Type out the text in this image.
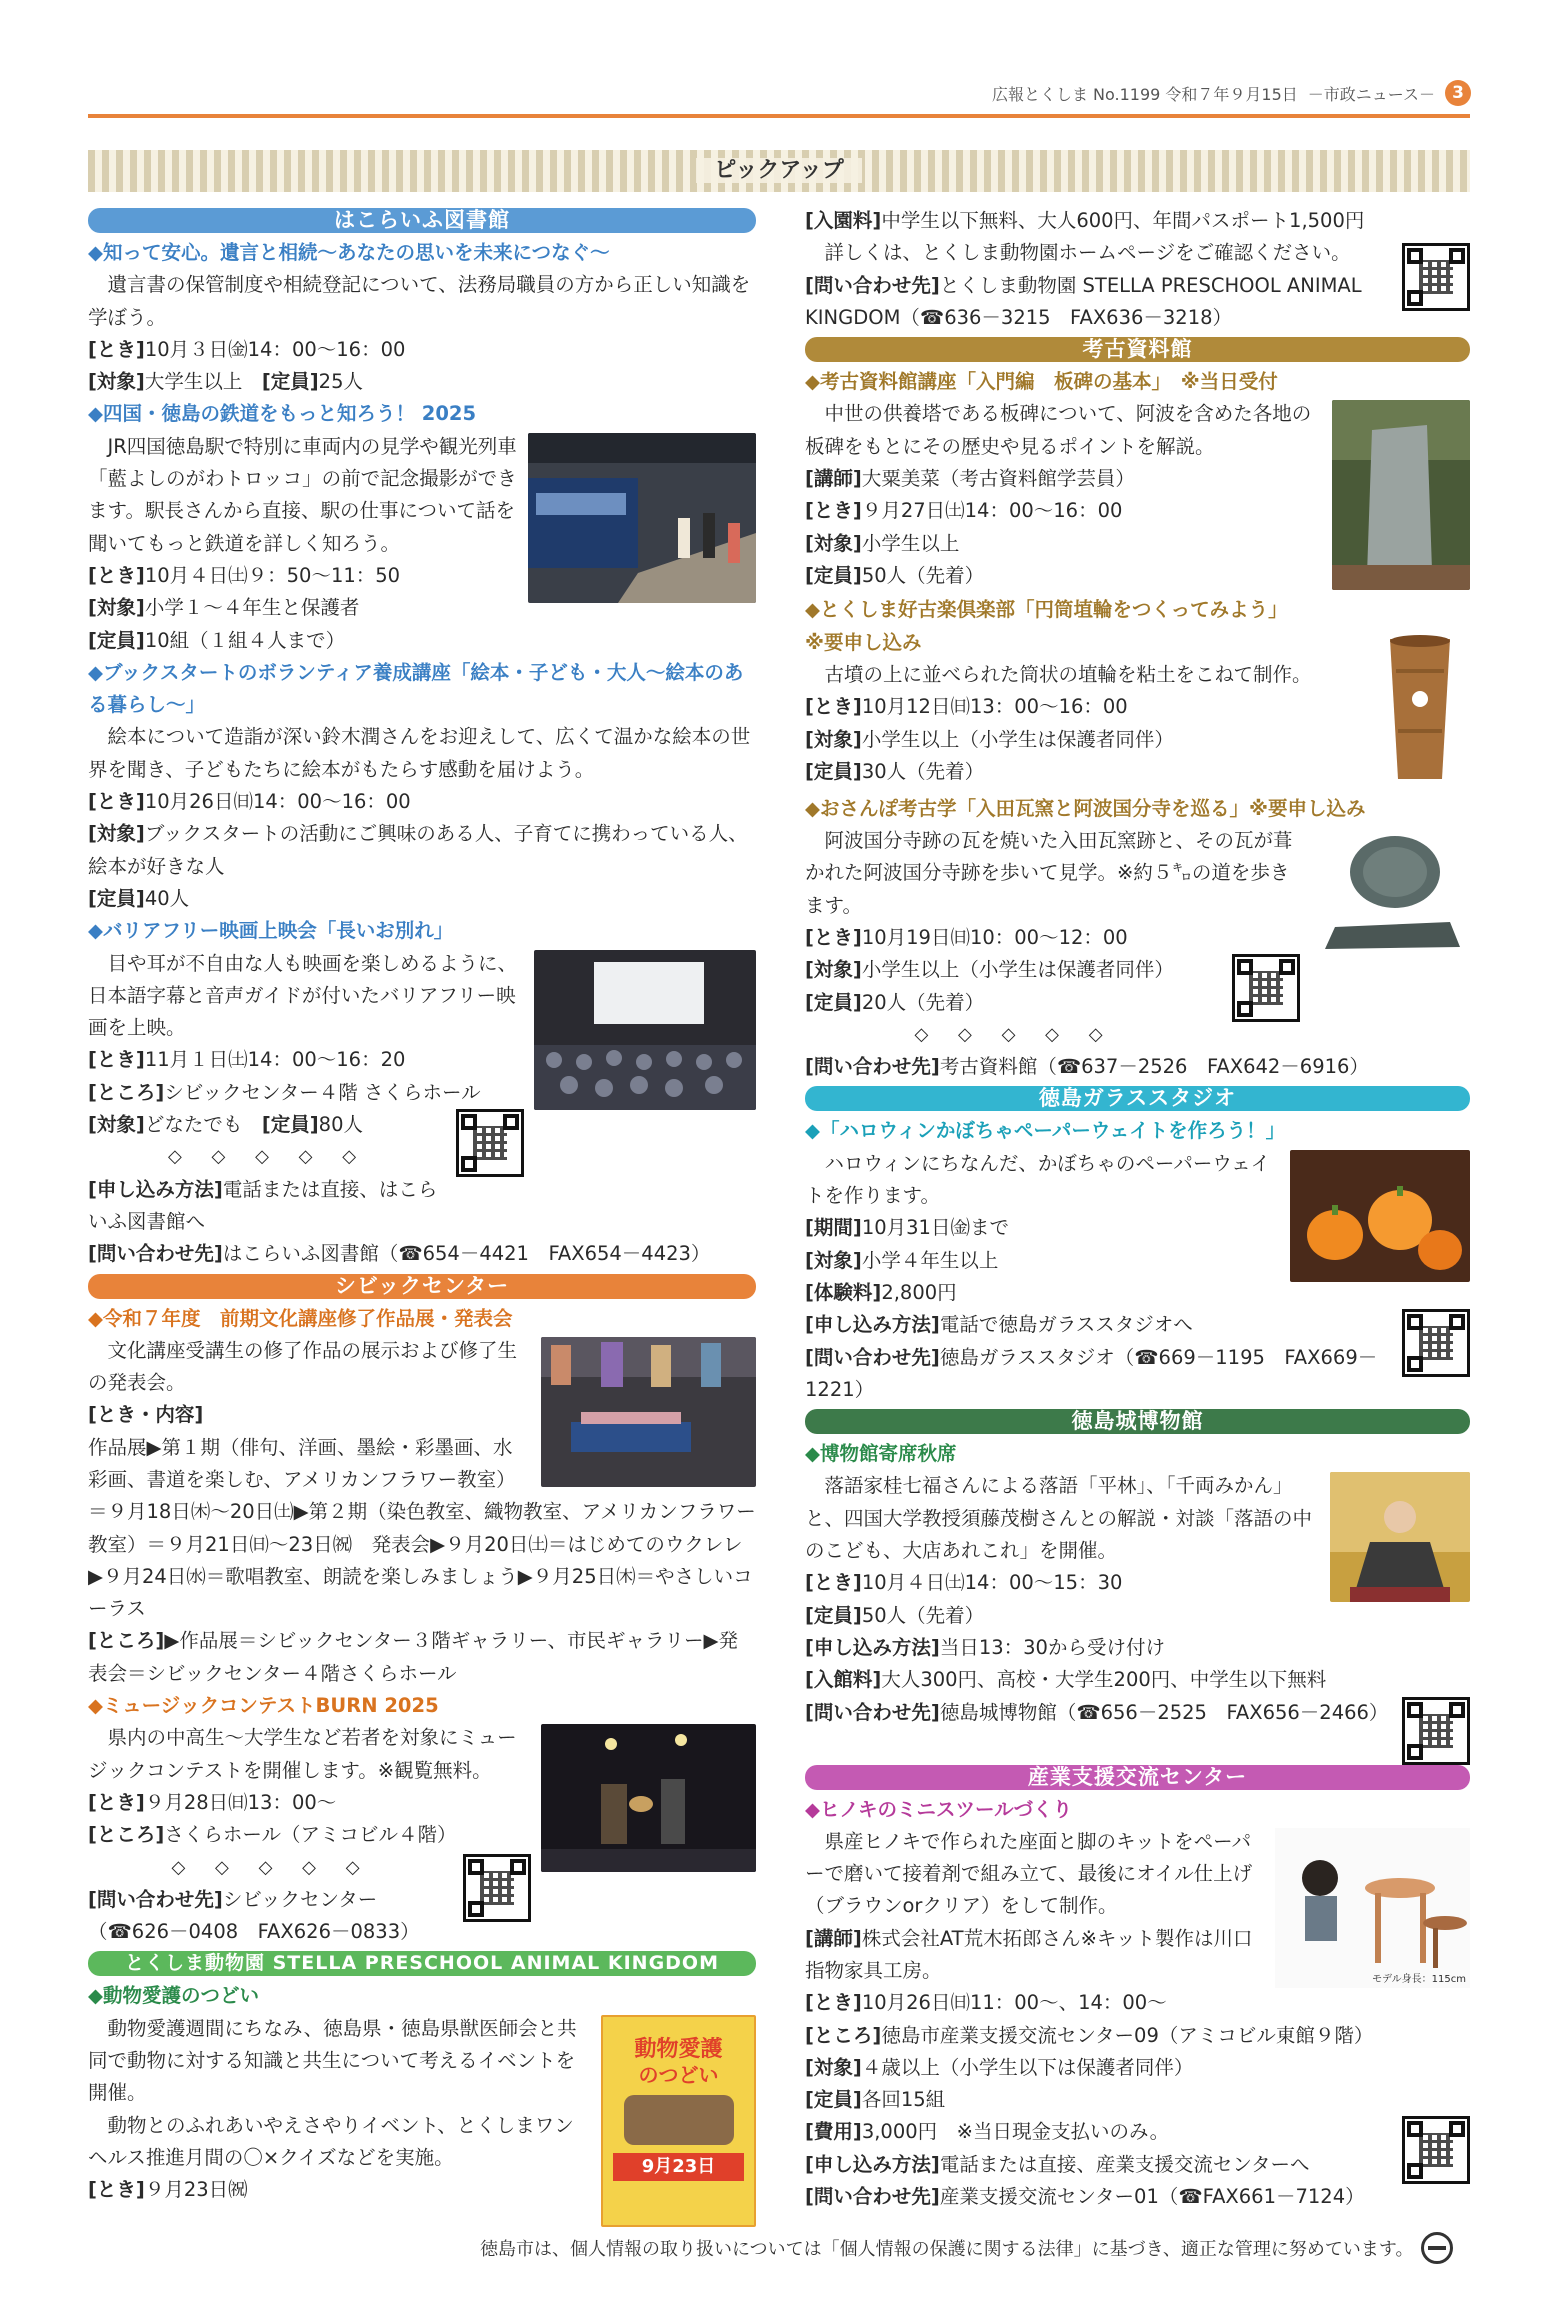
広報とくしま No.1199 令和７年９月15日 －市政ニュース－	3
ピックアップ
はこらいふ図書館

◆知って安心。遺言と相続～あなたの思いを未来につなぐ～

遺言書の保管制度や相続登記について、法務局職員の方から正しい知識を学ぼう。

[とき]10月３日㈮14：00～16：00

[対象]大学生以上　[定員]25人

◆四国・徳島の鉄道をもっと知ろう！ 2025

JR四国徳島駅で特別に車両内の見学や観光列車「藍よしのがわトロッコ」の前で記念撮影ができます。駅長さんから直接、駅の仕事について話を聞いてもっと鉄道を詳しく知ろう。

[とき]10月４日㈯９：50～11：50

[対象]小学１～４年生と保護者

[定員]10組（１組４人まで）

◆ブックスタートのボランティア養成講座「絵本・子ども・大人～絵本のある暮らし～」

絵本について造詣が深い鈴木潤さんをお迎えして、広くて温かな絵本の世界を聞き、子どもたちに絵本がもたらす感動を届けよう。

[とき]10月26日㈰14：00～16：00

[対象]ブックスタートの活動にご興味のある人、子育てに携わっている人、絵本が好きな人

[定員]40人

◆バリアフリー映画上映会「長いお別れ」

目や耳が不自由な人も映画を楽しめるように、日本語字幕と音声ガイドが付いたバリアフリー映画を上映。

[とき]11月１日㈯14：00～16：20

[ところ]シビックセンター４階 さくらホール

[対象]どなたでも　[定員]80人

◇ ◇ ◇ ◇ ◇

[申し込み方法]電話または直接、はこらいふ図書館へ

[問い合わせ先]はこらいふ図書館（☎654－4421　FAX654－4423）

シビックセンター

◆令和７年度　前期文化講座修了作品展・発表会

文化講座受講生の修了作品の展示および修了生の発表会。

[とき・内容]

作品展▶第１期（俳句、洋画、墨絵・彩墨画、水彩画、書道を楽しむ、アメリカンフラワー教室）＝９月18日㈭～20日㈯▶第２期（染色教室、織物教室、アメリカンフラワー教室）＝９月21日㈰～23日㈷　発表会▶９月20日㈯＝はじめてのウクレレ▶９月24日㈬＝歌唱教室、朗読を楽しみましょう▶９月25日㈭＝やさしいコーラス

[ところ]▶作品展＝シビックセンター３階ギャラリー、市民ギャラリー▶発表会＝シビックセンター４階さくらホール

◆ミュージックコンテストBURN 2025

県内の中高生～大学生など若者を対象にミュージックコンテストを開催します。※観覧無料。

[とき]９月28日㈰13：00～

[ところ]さくらホール（アミコビル４階）

◇ ◇ ◇ ◇ ◇

[問い合わせ先]シビックセンター（☎626－0408　FAX626－0833）

とくしま動物園 STELLA PRESCHOOL ANIMAL KINGDOM

◆動物愛護のつどい

動物愛護
のつどい
9月23日

動物愛護週間にちなみ、徳島県・徳島県獣医師会と共同で動物に対する知識と共生について考えるイベントを開催。

動物とのふれあいやえさやりイベント、とくしまワンヘルス推進月間の〇×クイズなどを実施。

[とき]９月23日㈷

[入園料]中学生以下無料、大人600円、年間パスポート1,500円

詳しくは、とくしま動物園ホームページをご確認ください。

[問い合わせ先]とくしま動物園 STELLA PRESCHOOL ANIMAL KINGDOM（☎636－3215　FAX636－3218）

考古資料館

◆考古資料館講座「入門編　板碑の基本」　※当日受付

中世の供養塔である板碑について、阿波を含めた各地の板碑をもとにその歴史や見るポイントを解説。

[講師]大粟美菜（考古資料館学芸員）

[とき]９月27日㈯14：00～16：00

[対象]小学生以上

[定員]50人（先着）

◆とくしま好古楽倶楽部「円筒埴輪をつくってみよう」

※要申し込み

古墳の上に並べられた筒状の埴輪を粘土をこねて制作。

[とき]10月12日㈰13：00～16：00

[対象]小学生以上（小学生は保護者同伴）

[定員]30人（先着）

◆おさんぽ考古学「入田瓦窯と阿波国分寺を巡る」※要申し込み

阿波国分寺跡の瓦を焼いた入田瓦窯跡と、その瓦が葺かれた阿波国分寺跡を歩いて見学。※約５㌔の道を歩きます。

[とき]10月19日㈰10：00～12：00

[対象]小学生以上（小学生は保護者同伴）

[定員]20人（先着）

◇ ◇ ◇ ◇ ◇

[問い合わせ先]考古資料館（☎637－2526　FAX642－6916）

徳島ガラススタジオ

◆「ハロウィンかぼちゃペーパーウェイトを作ろう！」

ハロウィンにちなんだ、かぼちゃのペーパーウェイトを作ります。

[期間]10月31日㈮まで

[対象]小学４年生以上

[体験料]2,800円

[申し込み方法]電話で徳島ガラススタジオへ

[問い合わせ先]徳島ガラススタジオ（☎669－1195　FAX669－1221）

徳島城博物館

◆博物館寄席秋席

落語家桂七福さんによる落語「平林」、「千両みかん」と、四国大学教授須藤茂樹さんとの解説・対談「落語の中のこども、大店あれこれ」を開催。

[とき]10月４日㈯14：00～15：30

[定員]50人（先着）

[申し込み方法]当日13：30から受け付け

[入館料]大人300円、高校・大学生200円、中学生以下無料

[問い合わせ先]徳島城博物館（☎656－2525　FAX656－2466）

産業支援交流センター

◆ヒノキのミニスツールづくり

モデル身長：115cm

県産ヒノキで作られた座面と脚のキットをペーパーで磨いて接着剤で組み立て、最後にオイル仕上げ（ブラウンorクリア）をして制作。

[講師]株式会社AT荒木拓郎さん※キット製作は川口指物家具工房。

[とき]10月26日㈰11：00～、14：00～

[ところ]徳島市産業支援交流センター09（アミコビル東館９階）

[対象]４歳以上（小学生以下は保護者同伴）

[定員]各回15組

[費用]3,000円　※当日現金支払いのみ。

[申し込み方法]電話または直接、産業支援交流センターへ

[問い合わせ先]産業支援交流センター01（☎FAX661－7124）

徳島市は、個人情報の取り扱いについては「個人情報の保護に関する法律」に基づき、適正な管理に努めています。
